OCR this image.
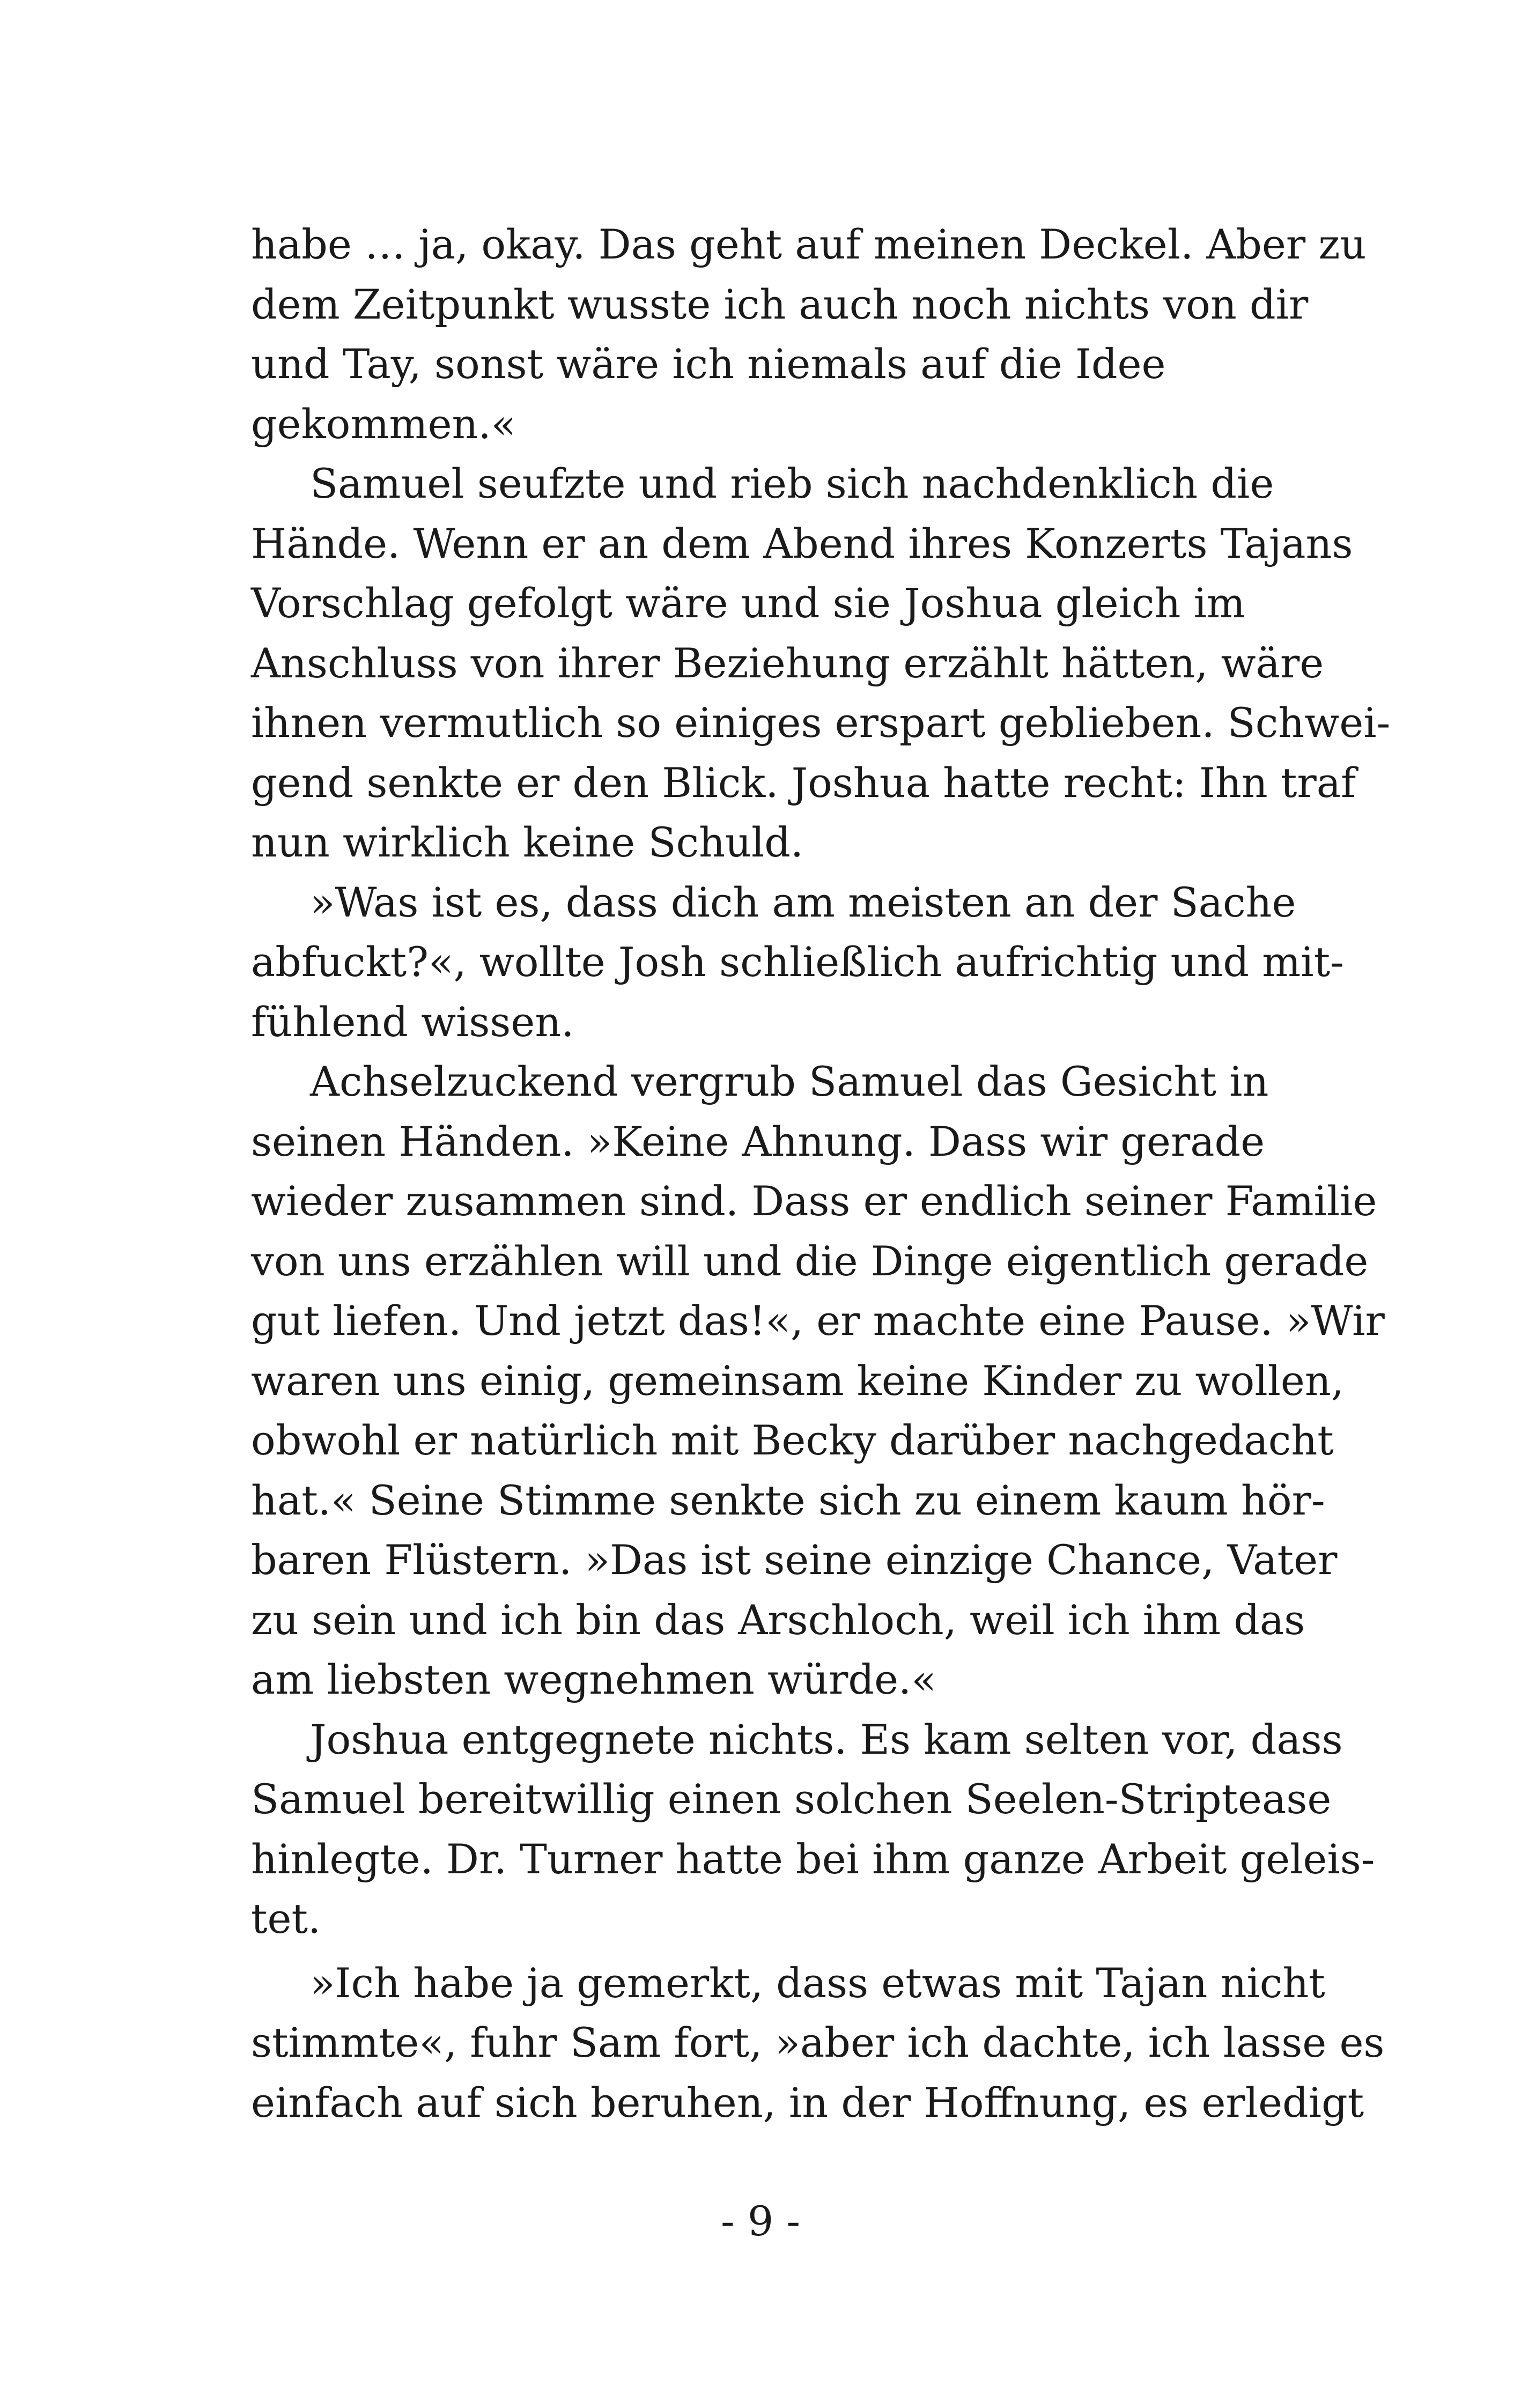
habe … ja, okay. Das geht auf meinen Deckel. Aber zu
dem Zeitpunkt wusste ich auch noch nichts von dir
und Tay, sonst wäre ich niemals auf die Idee
gekommen.«
Samuel seufzte und rieb sich nachdenklich die
Hände. Wenn er an dem Abend ihres Konzerts Tajans
Vorschlag gefolgt wäre und sie Joshua gleich im
Anschluss von ihrer Beziehung erzählt hätten, wäre
ihnen vermutlich so einiges erspart geblieben. Schwei-
gend senkte er den Blick. Joshua hatte recht: Ihn traf
nun wirklich keine Schuld.
»Was ist es, dass dich am meisten an der Sache
abfuckt?«, wollte Josh schließlich aufrichtig und mit-
fühlend wissen.
Achselzuckend vergrub Samuel das Gesicht in
seinen Händen. »Keine Ahnung. Dass wir gerade
wieder zusammen sind. Dass er endlich seiner Familie
von uns erzählen will und die Dinge eigentlich gerade
gut liefen. Und jetzt das!«, er machte eine Pause. »Wir
waren uns einig, gemeinsam keine Kinder zu wollen,
obwohl er natürlich mit Becky darüber nachgedacht
hat.« Seine Stimme senkte sich zu einem kaum hör-
baren Flüstern. »Das ist seine einzige Chance, Vater
zu sein und ich bin das Arschloch, weil ich ihm das
am liebsten wegnehmen würde.«
Joshua entgegnete nichts. Es kam selten vor, dass
Samuel bereitwillig einen solchen Seelen-Striptease
hinlegte. Dr. Turner hatte bei ihm ganze Arbeit geleis-
tet.
»Ich habe ja gemerkt, dass etwas mit Tajan nicht
stimmte«, fuhr Sam fort, »aber ich dachte, ich lasse es
einfach auf sich beruhen, in der Hoffnung, es erledigt
- 9 -
